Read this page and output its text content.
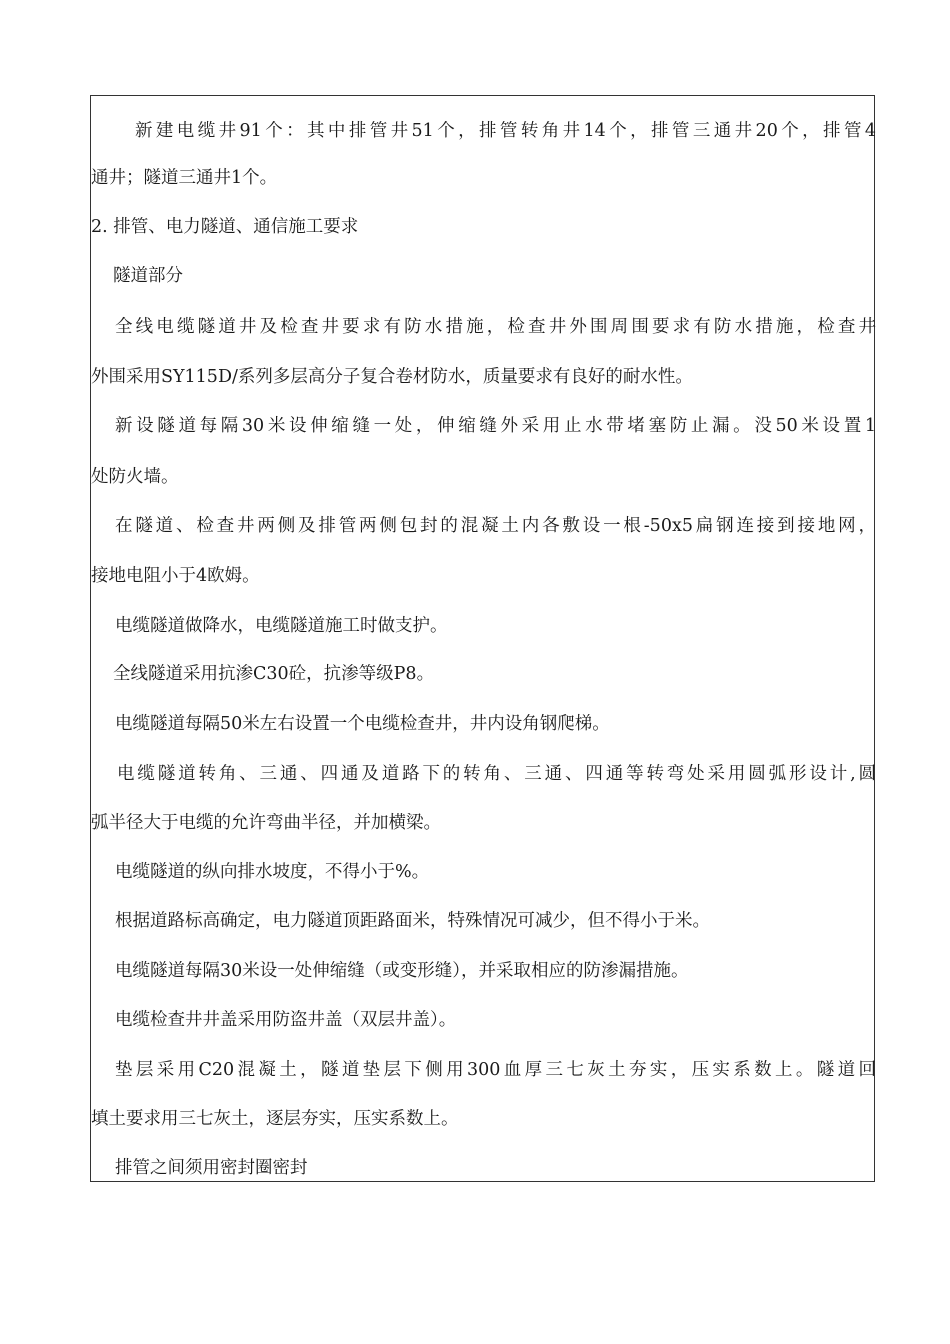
新建电缆井91个：其中排管井51个，排管转角井14个，排管三通井20个，排管4
通井；隧道三通井1个。
2. 排管、电力隧道、通信施工要求
隧道部分
全线电缆隧道井及检查井要求有防水措施，检查井外围周围要求有防水措施，检查井
外围采用SY115D/系列多层高分子复合卷材防水，质量要求有良好的耐水性。
新设隧道每隔30米设伸缩缝一处，伸缩缝外采用止水带堵塞防止漏。没50米设置1
处防火墙。
在隧道、检查井两侧及排管两侧包封的混凝土内各敷设一根-50x5扁钢连接到接地网，
接地电阻小于4欧姆。
电缆隧道做降水，电缆隧道施工时做支护。
全线隧道采用抗渗C30砼，抗渗等级P8。
电缆隧道每隔50米左右设置一个电缆检查井，井内设角钢爬梯。
电缆隧道转角、三通、四通及道路下的转角、三通、四通等转弯处采用圆弧形设计,圆
弧半径大于电缆的允许弯曲半径，并加横梁。
电缆隧道的纵向排水坡度，不得小于%。
根据道路标高确定，电力隧道顶距路面米，特殊情况可减少，但不得小于米。
电缆隧道每隔30米设一处伸缩缝（或变形缝），并采取相应的防渗漏措施。
电缆检查井井盖采用防盗井盖（双层井盖）。
垫层采用C20混凝土，隧道垫层下侧用300血厚三七灰土夯实，压实系数上。隧道回
填土要求用三七灰土，逐层夯实，压实系数上。
排管之间须用密封圈密封
